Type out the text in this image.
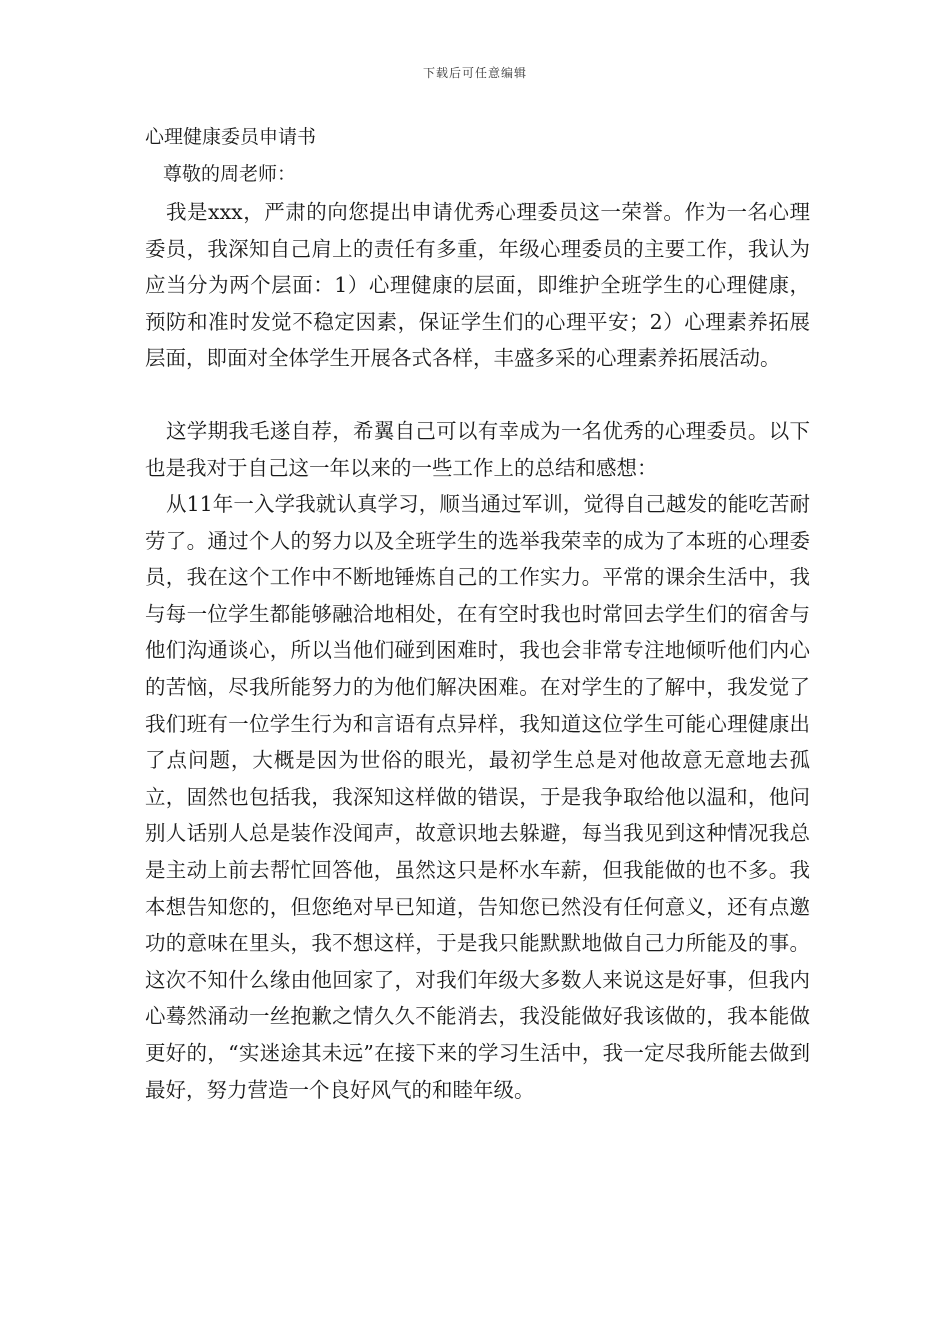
下载后可任意编辑
心理健康委员申请书

尊敬的周老师：

我是xxx，严肃的向您提出申请优秀心理委员这一荣誉。作为一名心理委员，我深知自己肩上的责任有多重，年级心理委员的主要工作，我认为应当分为两个层面：1）心理健康的层面，即维护全班学生的心理健康，预防和准时发觉不稳定因素，保证学生们的心理平安；2）心理素养拓展层面，即面对全体学生开展各式各样，丰盛多采的心理素养拓展活动。

这学期我毛遂自荐，希翼自己可以有幸成为一名优秀的心理委员。以下也是我对于自己这一年以来的一些工作上的总结和感想：

从11年一入学我就认真学习，顺当通过军训，觉得自己越发的能吃苦耐劳了。通过个人的努力以及全班学生的选举我荣幸的成为了本班的心理委员，我在这个工作中不断地锤炼自己的工作实力。平常的课余生活中，我与每一位学生都能够融洽地相处，在有空时我也时常回去学生们的宿舍与他们沟通谈心，所以当他们碰到困难时，我也会非常专注地倾听他们内心的苦恼，尽我所能努力的为他们解决困难。在对学生的了解中，我发觉了我们班有一位学生行为和言语有点异样，我知道这位学生可能心理健康出了点问题，大概是因为世俗的眼光，最初学生总是对他故意无意地去孤立，固然也包括我，我深知这样做的错误，于是我争取给他以温和，他问别人话别人总是装作没闻声，故意识地去躲避，每当我见到这种情况我总是主动上前去帮忙回答他，虽然这只是杯水车薪，但我能做的也不多。我本想告知您的，但您绝对早已知道，告知您已然没有任何意义，还有点邀功的意味在里头，我不想这样，于是我只能默默地做自己力所能及的事。这次不知什么缘由他回家了，对我们年级大多数人来说这是好事，但我内心蓦然涌动一丝抱歉之情久久不能消去，我没能做好我该做的，我本能做更好的，“实迷途其未远”在接下来的学习生活中，我一定尽我所能去做到最好，努力营造一个良好风气的和睦年级。
